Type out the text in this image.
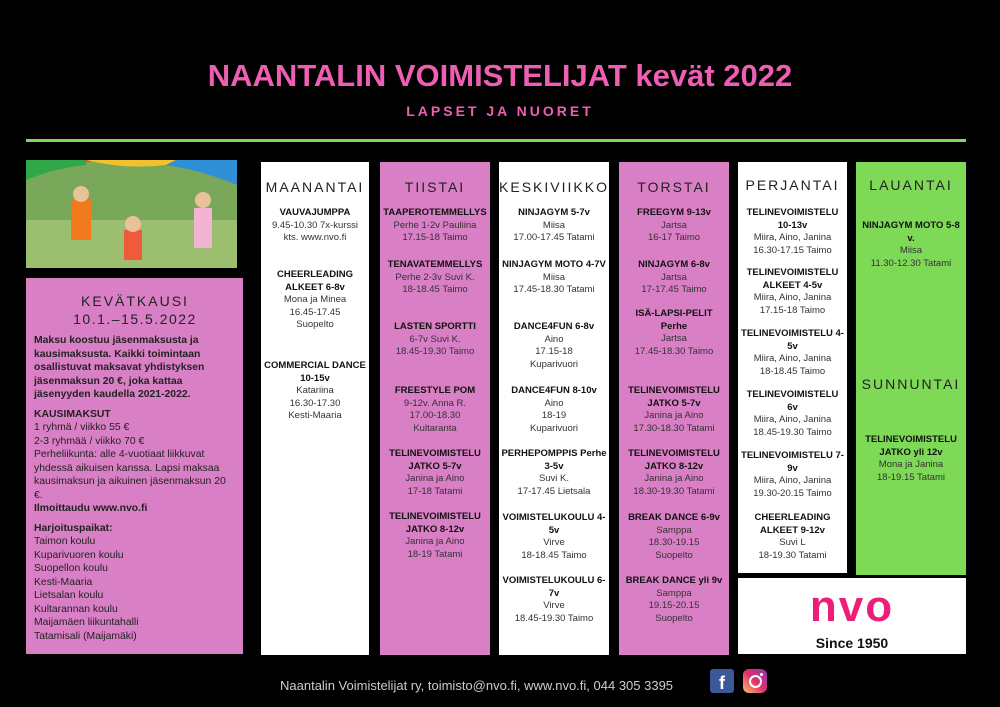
NAANTALIN VOIMISTELIJAT kevät 2022
LAPSET JA NUORET
KEVÄTKAUSI
10.1.–15.5.2022

Maksu koostuu jäsenmaksusta ja kausimaksusta. Kaikki toimintaan osallistuvat maksavat yhdistyksen jäsenmaksun 20 €, joka kattaa jäsenyyden kaudella 2021-2022.

KAUSIMAKSUT

1 ryhmä / viikko 55 €

2-3 ryhmää / viikko 70 €

Perheliikunta: alle 4-vuotiaat liikkuvat yhdessä aikuisen kanssa. Lapsi maksaa kausimaksun ja aikuinen jäsenmaksun 20 €.

Ilmoittaudu www.nvo.fi

Harjoituspaikat:

Taimon koulu

Kuparivuoren koulu

Suopellon koulu

Kesti-Maaria

Lietsalan koulu

Kultarannan koulu

Maijamäen liikuntahalli

Tatamisali (Maijamäki)

MAANANTAI
VAUVAJUMPPA
9.45-10.30 7x-kurssi
kts. www.nvo.fi
CHEERLEADING ALKEET 6-8v
Mona ja Minea
16.45-17.45
Suopelto
COMMERCIAL DANCE 10-15v
Katariina
16.30-17.30
Kesti-Maaria
TIISTAI
TAAPEROTEMMELLYS
Perhe 1-2v Pauliina
17.15-18 Taimo
TENAVATEMMELLYS
Perhe 2-3v Suvi K.
18-18.45 Taimo
LASTEN SPORTTI
6-7v Suvi K.
18.45-19.30 Taimo
FREESTYLE POM
9-12v. Anna R.
17.00-18.30
Kultaranta
TELINEVOIMISTELU JATKO 5-7v
Janina ja Aino
17-18 Tatami
TELINEVOIMISTELU JATKO 8-12v
Janina ja Aino
18-19 Tatami
KESKIVIIKKO
NINJAGYM 5-7v
Miisa
17.00-17.45 Tatami
NINJAGYM MOTO 4-7V
Miisa
17.45-18.30 Tatami
DANCE4FUN 6-8v
Aino
17.15-18
Kuparivuori
DANCE4FUN 8-10v
Aino
18-19
Kuparivuori
PERHEPOMPPIS Perhe 3-5v
Suvi K.
17-17.45 Lietsala
VOIMISTELUKOULU 4-5v
Virve
18-18.45 Taimo
VOIMISTELUKOULU 6-7v
Virve
18.45-19.30 Taimo
TORSTAI
FREEGYM 9-13v
Jartsa
16-17 Taimo
NINJAGYM 6-8v
Jartsa
17-17.45 Taimo
ISÄ-LAPSI-PELIT Perhe
Jartsa
17.45-18.30 Taimo
TELINEVOIMISTELU JATKO 5-7v
Janina ja Aino
17.30-18.30 Tatami
TELINEVOIMISTELU JATKO 8-12v
Janina ja Aino
18.30-19.30 Tatami
BREAK DANCE 6-9v
Samppa
18.30-19.15
Suopelto
BREAK DANCE yli 9v
Samppa
19.15-20.15
Suopelto
PERJANTAI
TELINEVOIMISTELU 10-13v
Miira, Aino, Janina
16.30-17.15 Taimo
TELINEVOIMISTELU ALKEET 4-5v
Miira, Aino, Janina
17.15-18 Taimo
TELINEVOIMISTELU 4-5v
Miira, Aino, Janina
18-18.45 Taimo
TELINEVOIMISTELU 6v
Miira, Aino, Janina
18.45-19.30 Taimo
TELINEVOIMISTELU 7-9v
Miira, Aino, Janina
19.30-20.15 Taimo
CHEERLEADING ALKEET 9-12v
Suvi L
18-19.30 Tatami
LAUANTAI
NINJAGYM MOTO 5-8 v.
Miisa
11.30-12.30 Tatami
SUNNUNTAI
TELINEVOIMISTELU JATKO yli 12v
Mona ja Janina
18-19.15 Tatami
nvo
Since 1950
Naantalin Voimistelijat ry, toimisto@nvo.fi, www.nvo.fi, 044 305 3395	f
